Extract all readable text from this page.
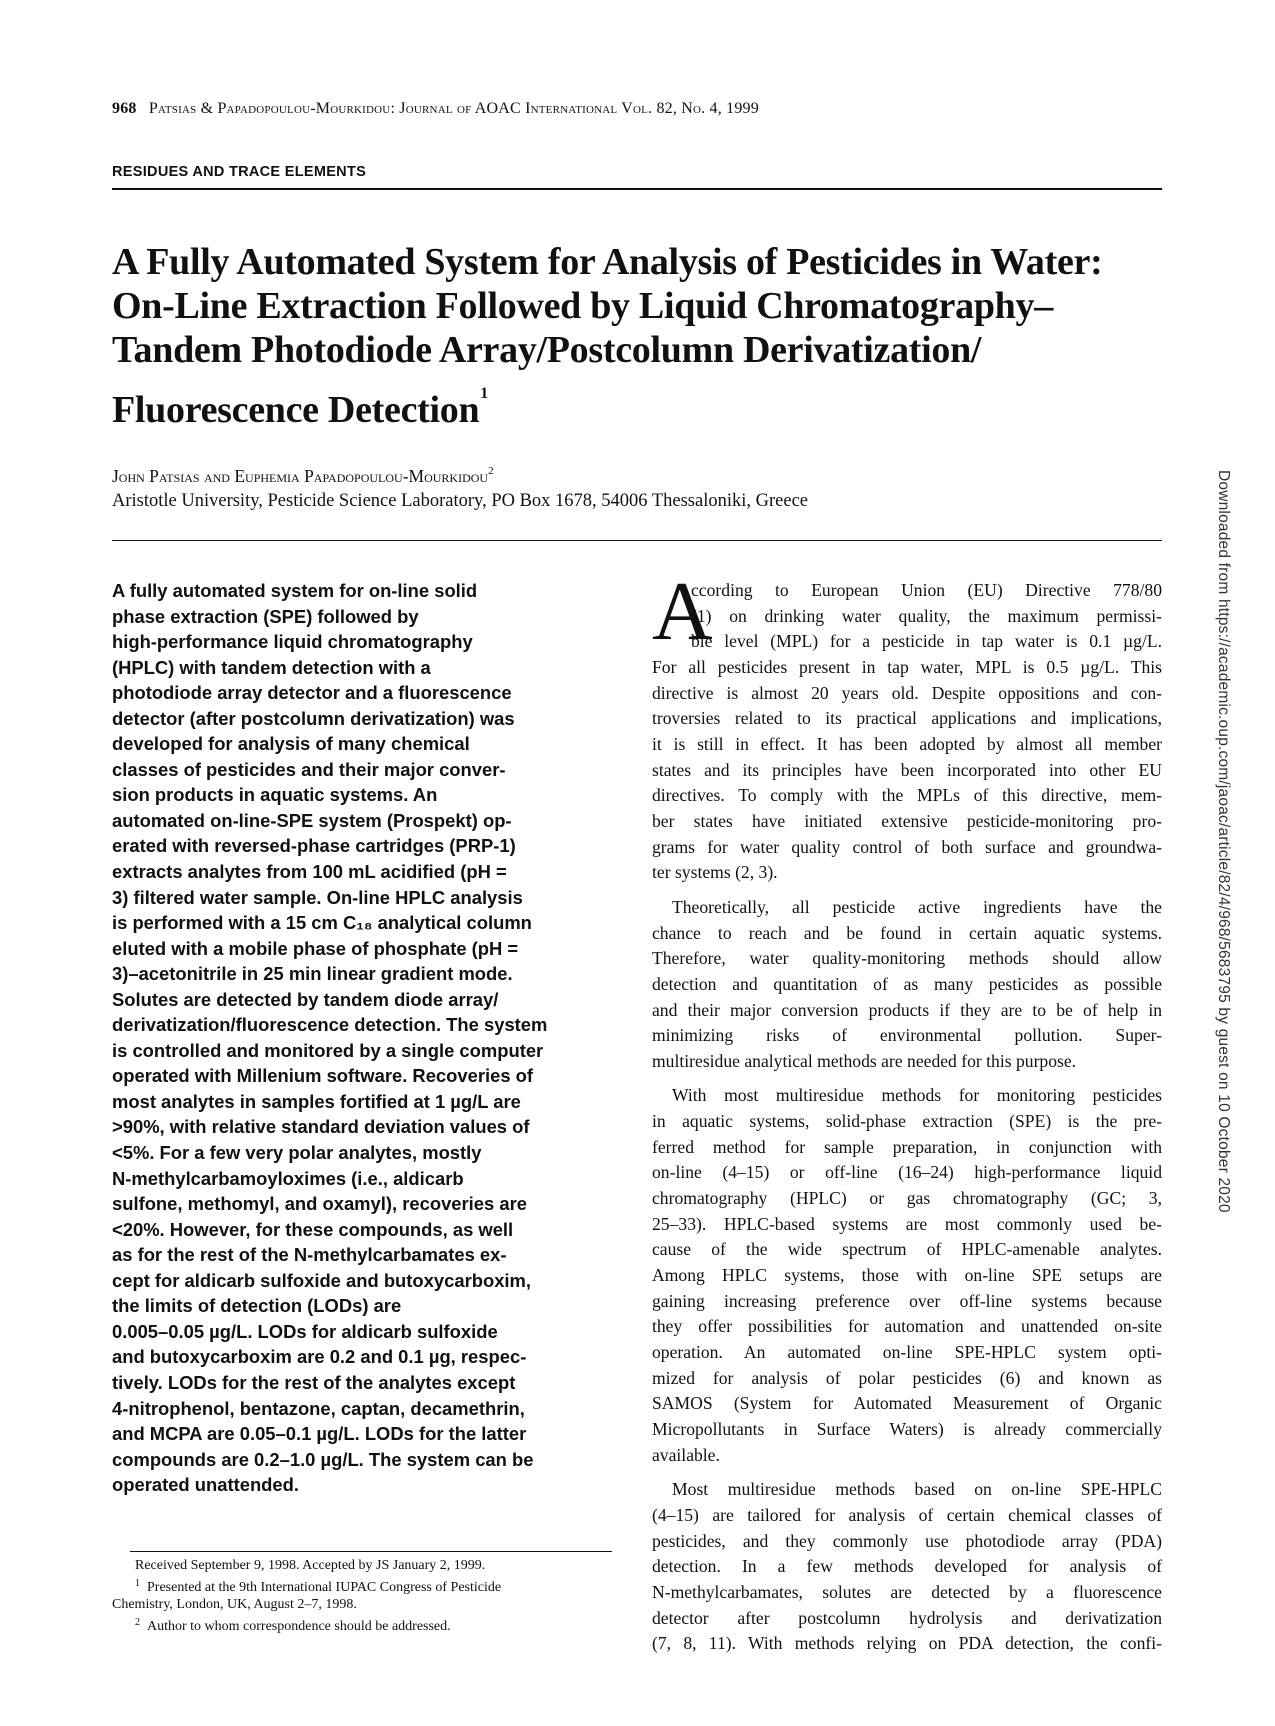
968 Patsias & Papadopoulou-Mourkidou: Journal of AOAC International Vol. 82, No. 4, 1999
RESIDUES AND TRACE ELEMENTS
A Fully Automated System for Analysis of Pesticides in Water:
On-Line Extraction Followed by Liquid Chromatography–
Tandem Photodiode Array/Postcolumn Derivatization/
Fluorescence Detection$^1$
John Patsias and Euphemia Papadopoulou-Mourkidou$^2$
Aristotle University, Pesticide Science Laboratory, PO Box 1678, 54006 Thessaloniki, Greece
A fully automated system for on-line solid
phase extraction (SPE) followed by
high-performance liquid chromatography
(HPLC) with tandem detection with a
photodiode array detector and a fluorescence
detector (after postcolumn derivatization) was
developed for analysis of many chemical
classes of pesticides and their major conver-
sion products in aquatic systems. An
automated on-line-SPE system (Prospekt) op-
erated with reversed-phase cartridges (PRP-1)
extracts analytes from 100 mL acidified (pH =
3) filtered water sample. On-line HPLC analysis
is performed with a 15 cm C₁₈ analytical column
eluted with a mobile phase of phosphate (pH =
3)–acetonitrile in 25 min linear gradient mode.
Solutes are detected by tandem diode array/
derivatization/fluorescence detection. The system
is controlled and monitored by a single computer
operated with Millenium software. Recoveries of
most analytes in samples fortified at 1 µg/L are
>90%, with relative standard deviation values of
<5%. For a few very polar analytes, mostly
N-methylcarbamoyloximes (i.e., aldicarb
sulfone, methomyl, and oxamyl), recoveries are
<20%. However, for these compounds, as well
as for the rest of the N-methylcarbamates ex-
cept for aldicarb sulfoxide and butoxycarboxim,
the limits of detection (LODs) are
0.005–0.05 µg/L. LODs for aldicarb sulfoxide
and butoxycarboxim are 0.2 and 0.1 µg, respec-
tively. LODs for the rest of the analytes except
4-nitrophenol, bentazone, captan, decamethrin,
and MCPA are 0.05–0.1 µg/L. LODs for the latter
compounds are 0.2–1.0 µg/L. The system can be
operated unattended.
Received September 9, 1998. Accepted by JS January 2, 1999.
$^1$ Presented at the 9th International IUPAC Congress of Pesticide
Chemistry, London, UK, August 2–7, 1998.
$^2$ Author to whom correspondence should be addressed.
A
ccording to European Union (EU) Directive 778/80
(1) on drinking water quality, the maximum permissi-
ble level (MPL) for a pesticide in tap water is 0.1 µg/L.
For all pesticides present in tap water, MPL is 0.5 µg/L. This
directive is almost 20 years old. Despite oppositions and con-
troversies related to its practical applications and implications,
it is still in effect. It has been adopted by almost all member
states and its principles have been incorporated into other EU
directives. To comply with the MPLs of this directive, mem-
ber states have initiated extensive pesticide-monitoring pro-
grams for water quality control of both surface and groundwa-
ter systems (2, 3).
Theoretically, all pesticide active ingredients have the
chance to reach and be found in certain aquatic systems.
Therefore, water quality-monitoring methods should allow
detection and quantitation of as many pesticides as possible
and their major conversion products if they are to be of help in
minimizing risks of environmental pollution. Super-
multiresidue analytical methods are needed for this purpose.
With most multiresidue methods for monitoring pesticides
in aquatic systems, solid-phase extraction (SPE) is the pre-
ferred method for sample preparation, in conjunction with
on-line (4–15) or off-line (16–24) high-performance liquid
chromatography (HPLC) or gas chromatography (GC; 3,
25–33). HPLC-based systems are most commonly used be-
cause of the wide spectrum of HPLC-amenable analytes.
Among HPLC systems, those with on-line SPE setups are
gaining increasing preference over off-line systems because
they offer possibilities for automation and unattended on-site
operation. An automated on-line SPE-HPLC system opti-
mized for analysis of polar pesticides (6) and known as
SAMOS (System for Automated Measurement of Organic
Micropollutants in Surface Waters) is already commercially
available.
Most multiresidue methods based on on-line SPE-HPLC
(4–15) are tailored for analysis of certain chemical classes of
pesticides, and they commonly use photodiode array (PDA)
detection. In a few methods developed for analysis of
N-methylcarbamates, solutes are detected by a fluorescence
detector after postcolumn hydrolysis and derivatization
(7, 8, 11). With methods relying on PDA detection, the confi-
Downloaded from https://academic.oup.com/jaoac/article/82/4/968/5683795 by guest on 10 October 2020
